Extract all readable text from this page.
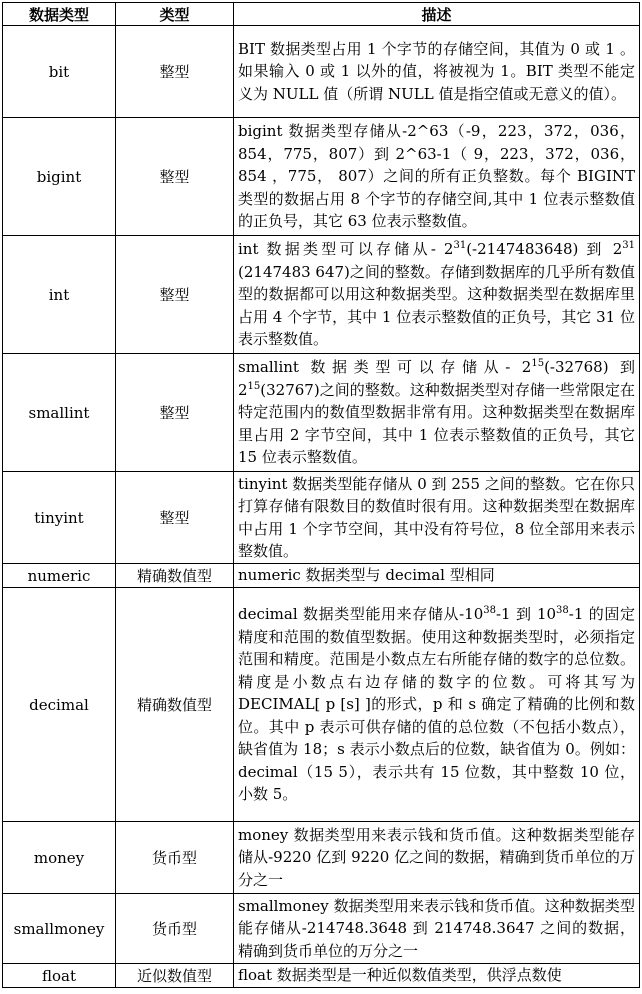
数据类型	类型	描述
bit	整型	BIT 数据类型占用 1 个字节的存储空间，其值为 0 或 1 。如果输入 0 或 1 以外的值，将被视为 1。BIT 类型不能定义为 NULL 值（所谓 NULL 值是指空值或无意义的值）。
bigint	整型	bigint 数据类型存储从-2^63（-9，223，372，036，854，775，807）到 2^63-1（ 9，223，372，036，854 ，775， 807）之间的所有正负整数。每个 BIGINT 类型的数据占用 8 个字节的存储空间,其中 1 位表示整数值的正负号，其它 63 位表示整数值。
int	整型	int 数据类型可以存储从- $2^{31}(-2147483648)$ 到 $2^{31}$ (2147483 647)之间的整数。存储到数据库的几乎所有数值型的数据都可以用这种数据类型。这种数据类型在数据库里占用 4 个字节，其中 1 位表示整数值的正负号，其它 31 位表示整数值。
smallint	整型	smallint 数据类型可以存储从- $2^{15}(-32768)$ 到 $2^{15}(32767)$之间的整数。这种数据类型对存储一些常限定在特定范围内的数值型数据非常有用。这种数据类型在数据库里占用 2 字节空间，其中 1 位表示整数值的正负号，其它 15 位表示整数值。
tinyint	整型	tinyint 数据类型能存储从 0 到 255 之间的整数。它在你只打算存储有限数目的数值时很有用。这种数据类型在数据库中占用 1 个字节空间，其中没有符号位，8 位全部用来表示整数值。
numeric	精确数值型	numeric 数据类型与 decimal 型相同
decimal	精确数值型	decimal 数据类型能用来存储从$-10^{38}-1$ 到 $10^{38}-1$ 的固定精度和范围的数值型数据。使用这种数据类型时，必须指定范围和精度。范围是小数点左右所能存储的数字的总位数。精度是小数点右边存储的数字的位数。可将其写为 DECIMAL[ p [s] ]的形式，p 和 s 确定了精确的比例和数位。其中 p 表示可供存储的值的总位数（不包括小数点），缺省值为 18；s 表示小数点后的位数，缺省值为 0。例如：decimal（15 5），表示共有 15 位数，其中整数 10 位，小数 5。
money	货币型	money 数据类型用来表示钱和货币值。这种数据类型能存储从-9220 亿到 9220 亿之间的数据，精确到货币单位的万分之一
smallmoney	货币型	smallmoney 数据类型用来表示钱和货币值。这种数据类型能存储从-214748.3648 到 214748.3647 之间的数据，精确到货币单位的万分之一
float	近似数值型	float 数据类型是一种近似数值类型，供浮点数使
